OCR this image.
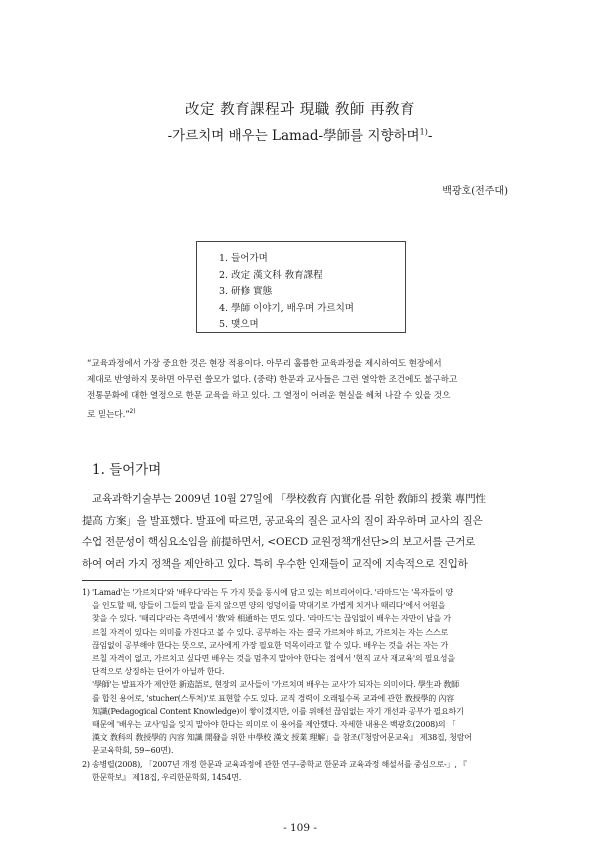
改定 教育課程과 現職 敎師 再敎育
-가르치며 배우는 Lamad-學師를 지향하며$^{1)}$-
백광호(전주대)
1. 들어가며
2. 改定 漢文科 敎育課程
3. 研修 實態
4. 學師 이야기, 배우며 가르치며
5. 맺으며
“교육과정에서 가장 중요한 것은 현장 적용이다. 아무리 훌륭한 교육과정을 제시하여도 현장에서
제대로 반영하지 못하면 아무런 쓸모가 없다. (중략) 한문과 교사들은 그런 열악한 조건에도 불구하고
전통문화에 대한 열정으로 한문 교육을 하고 있다. 그 열정이 어려운 현실을 헤쳐 나갈 수 있을 것으
로 믿는다.”$^{2)}$
1. 들어가며
교육과학기술부는 2009년 10월 27일에 「學校敎育 內實化를 위한 敎師의 授業 專門性
提高 方案」을 발표했다. 발표에 따르면, 공교육의 질은 교사의 질이 좌우하며 교사의 질은
수업 전문성이 핵심요소임을 前提하면서, <OECD 교원정책개선단>의 보고서를 근거로
하여 여러 가지 정책을 제안하고 있다. 특히 우수한 인재들이 교직에 지속적으로 진입하
1) 'Lamad'는 '가르치다'와 '배우다'라는 두 가지 뜻을 동시에 담고 있는 히브리어이다. '라마드'는 '목자들이 양
을 인도할 때, 양들이 그들의 말을 듣지 않으면 양의 엉덩이를 막대기로 가볍게 치거나 때리다'에서 어원을
찾을 수 있다. '때리다'라는 측면에서 '敎'와 相通하는 면도 있다. '라마드'는 끊임없이 배우는 자만이 남을 가
르칠 자격이 있다는 의미를 가진다고 볼 수 있다. 공부하는 자는 결국 가르쳐야 하고, 가르치는 자는 스스로
끊임없이 공부해야 한다는 뜻으로, 교사에게 가장 필요한 덕목이라고 할 수 있다. 배우는 것을 쉬는 자는 가
르칠 자격이 없고, 가르치고 싶다면 배우는 것을 멈추지 말아야 한다는 점에서 '현직 교사 재교육'의 필요성을
단적으로 상징하는 단어가 아닐까 한다.
'學師'는 발표자가 제안한 新造語로, 현장의 교사들이 '가르치며 배우는 교사'가 되자는 의미이다. 學生과 敎師
를 합친 용어로, 'stucher(스투처)'로 표현할 수도 있다. 교직 경력이 오래될수록 교과에 관한 敎授學的 內容
知識(Pedagogical Content Knowledge)이 쌓이겠지만, 이를 위해선 끊임없는 자기 개선과 공부가 필요하기
때문에 '배우는 교사'임을 잊지 말아야 한다는 의미로 이 용어를 제안했다. 자세한 내용은 백광호(2008)의 「
漢文 敎科의 敎授學的 內容 知識 開發을 위한 中學校 漢文 授業 理解」을 참조(『청람어문교육』 제38집, 청람어
문교육학회, 59~60면).
2) 송병렬(2008), 「2007년 개정 한문과 교육과정에 관한 연구-중학교 한문과 교육과정 해설서를 중심으로-」, 『
한문학보』 제18집, 우리한문학회, 1454면.
- 109 -
